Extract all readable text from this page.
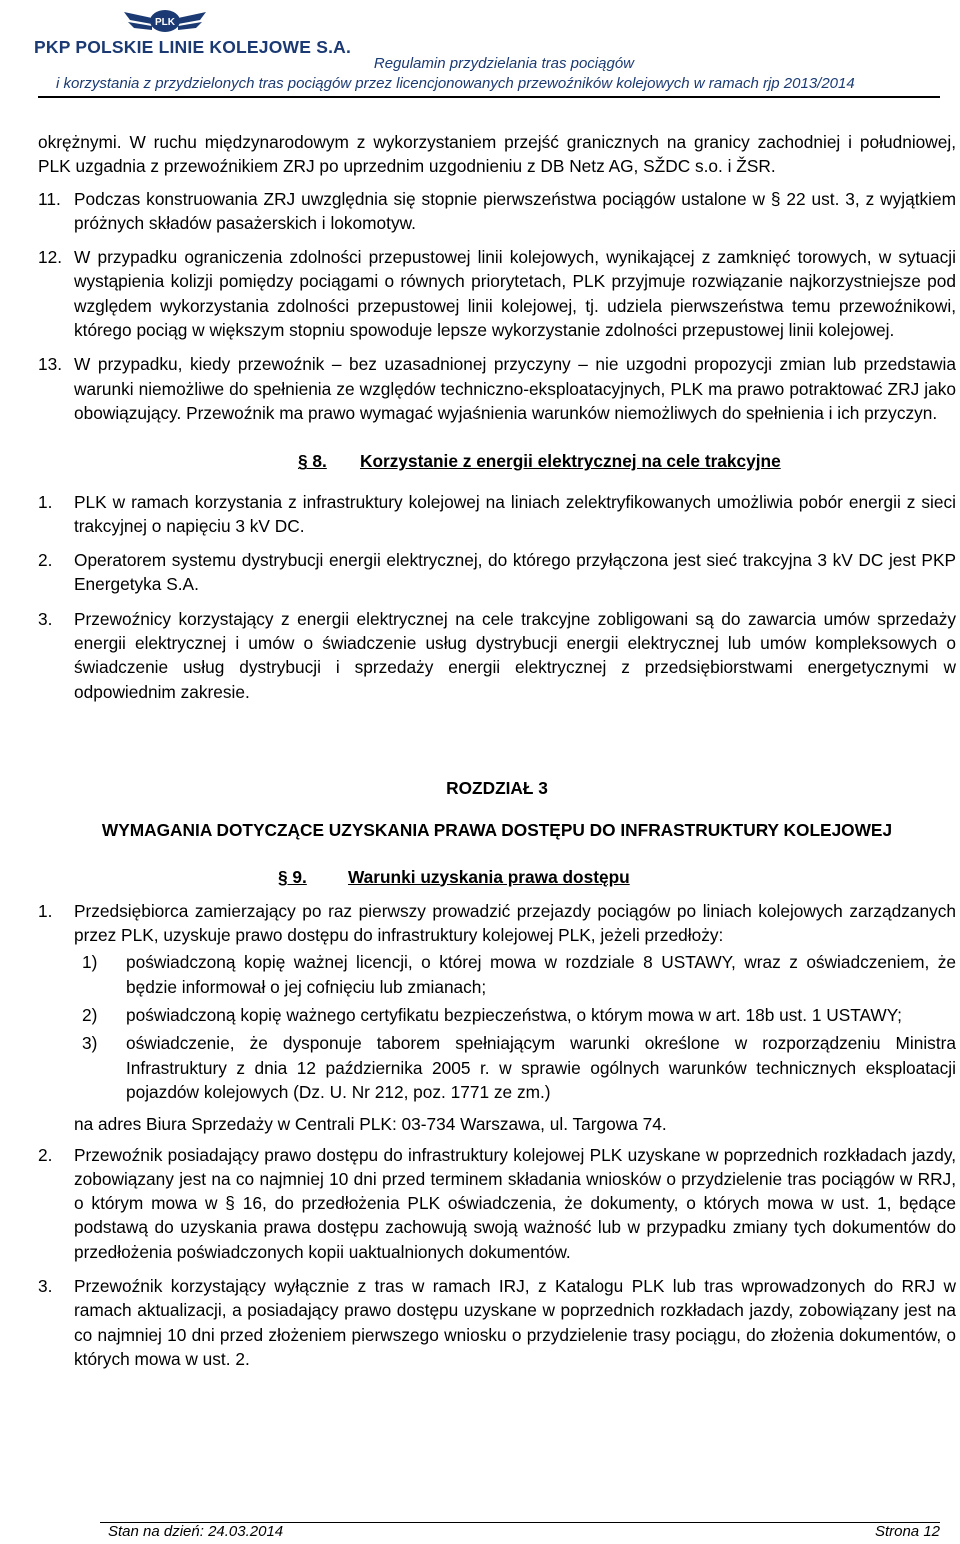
PLK
PKP POLSKIE LINIE KOLEJOWE S.A.
Regulamin przydzielania tras pociągów
i korzystania z przydzielonych tras pociągów przez licencjonowanych przewoźników kolejowych w ramach rjp 2013/2014

okrężnymi. W ruchu międzynarodowym z wykorzystaniem przejść granicznych na granicy zachodniej i południowej, PLK uzgadnia z przewoźnikiem ZRJ po uprzednim uzgodnieniu z DB Netz AG, SŽDC s.o. i ŽSR.

11. Podczas konstruowania ZRJ uwzględnia się stopnie pierwszeństwa pociągów ustalone w § 22 ust. 3, z wyjątkiem próżnych składów pasażerskich i lokomotyw.
12. W przypadku ograniczenia zdolności przepustowej linii kolejowych, wynikającej z zamknięć torowych, w sytuacji wystąpienia kolizji pomiędzy pociągami o równych priorytetach, PLK przyjmuje rozwiązanie najkorzystniejsze pod względem wykorzystania zdolności przepustowej linii kolejowej, tj. udziela pierwszeństwa temu przewoźnikowi, którego pociąg w większym stopniu spowoduje lepsze wykorzystanie zdolności przepustowej linii kolejowej.
13. W przypadku, kiedy przewoźnik – bez uzasadnionej przyczyny – nie uzgodni propozycji zmian lub przedstawia warunki niemożliwe do spełnienia ze względów techniczno-eksploatacyjnych, PLK ma prawo potraktować ZRJ jako obowiązujący. Przewoźnik ma prawo wymagać wyjaśnienia warunków niemożliwych do spełnienia i ich przyczyn.
§ 8. Korzystanie z energii elektrycznej na cele trakcyjne
1.	PLK w ramach korzystania z infrastruktury kolejowej na liniach zelektryfikowanych umożliwia pobór energii z sieci trakcyjnej o napięciu 3 kV DC.
2.	Operatorem systemu dystrybucji energii elektrycznej, do którego przyłączona jest sieć trakcyjna 3 kV DC jest PKP Energetyka S.A.
3.	Przewoźnicy korzystający z energii elektrycznej na cele trakcyjne zobligowani są do zawarcia umów sprzedaży energii elektrycznej i umów o świadczenie usług dystrybucji energii elektrycznej lub umów kompleksowych o świadczenie usług dystrybucji i sprzedaży energii elektrycznej z przedsiębiorstwami energetycznymi w odpowiednim zakresie.
ROZDZIAŁ 3
WYMAGANIA DOTYCZĄCE UZYSKANIA PRAWA DOSTĘPU DO INFRASTRUKTURY KOLEJOWEJ
§ 9. Warunki uzyskania prawa dostępu
1.	Przedsiębiorca zamierzający po raz pierwszy prowadzić przejazdy pociągów po liniach kolejowych zarządzanych przez PLK, uzyskuje prawo dostępu do infrastruktury kolejowej PLK, jeżeli przedłoży:
1)	poświadczoną kopię ważnej licencji, o której mowa w rozdziale 8 USTAWY, wraz z oświadczeniem, że będzie informował o jej cofnięciu lub zmianach;
2)	poświadczoną kopię ważnego certyfikatu bezpieczeństwa, o którym mowa w art. 18b ust. 1 USTAWY;
3)	oświadczenie, że dysponuje taborem spełniającym warunki określone w rozporządzeniu Ministra Infrastruktury z dnia 12 października 2005 r. w sprawie ogólnych warunków technicznych eksploatacji pojazdów kolejowych (Dz. U. Nr 212, poz. 1771 ze zm.)
na adres Biura Sprzedaży w Centrali PLK: 03-734 Warszawa, ul. Targowa 74.
2.	Przewoźnik posiadający prawo dostępu do infrastruktury kolejowej PLK uzyskane w poprzednich rozkładach jazdy, zobowiązany jest na co najmniej 10 dni przed terminem składania wniosków o przydzielenie tras pociągów w RRJ, o którym mowa w § 16, do przedłożenia PLK oświadczenia, że dokumenty, o których mowa w ust. 1, będące podstawą do uzyskania prawa dostępu zachowują swoją ważność lub w przypadku zmiany tych dokumentów do przedłożenia poświadczonych kopii uaktualnionych dokumentów.
3.	Przewoźnik korzystający wyłącznie z tras w ramach IRJ, z Katalogu PLK lub tras wprowadzonych do RRJ w ramach aktualizacji, a posiadający prawo dostępu uzyskane w poprzednich rozkładach jazdy, zobowiązany jest na co najmniej 10 dni przed złożeniem pierwszego wniosku o przydzielenie trasy pociągu, do złożenia dokumentów, o których mowa w ust. 2.
Stan na dzień: 24.03.2014	Strona 12
